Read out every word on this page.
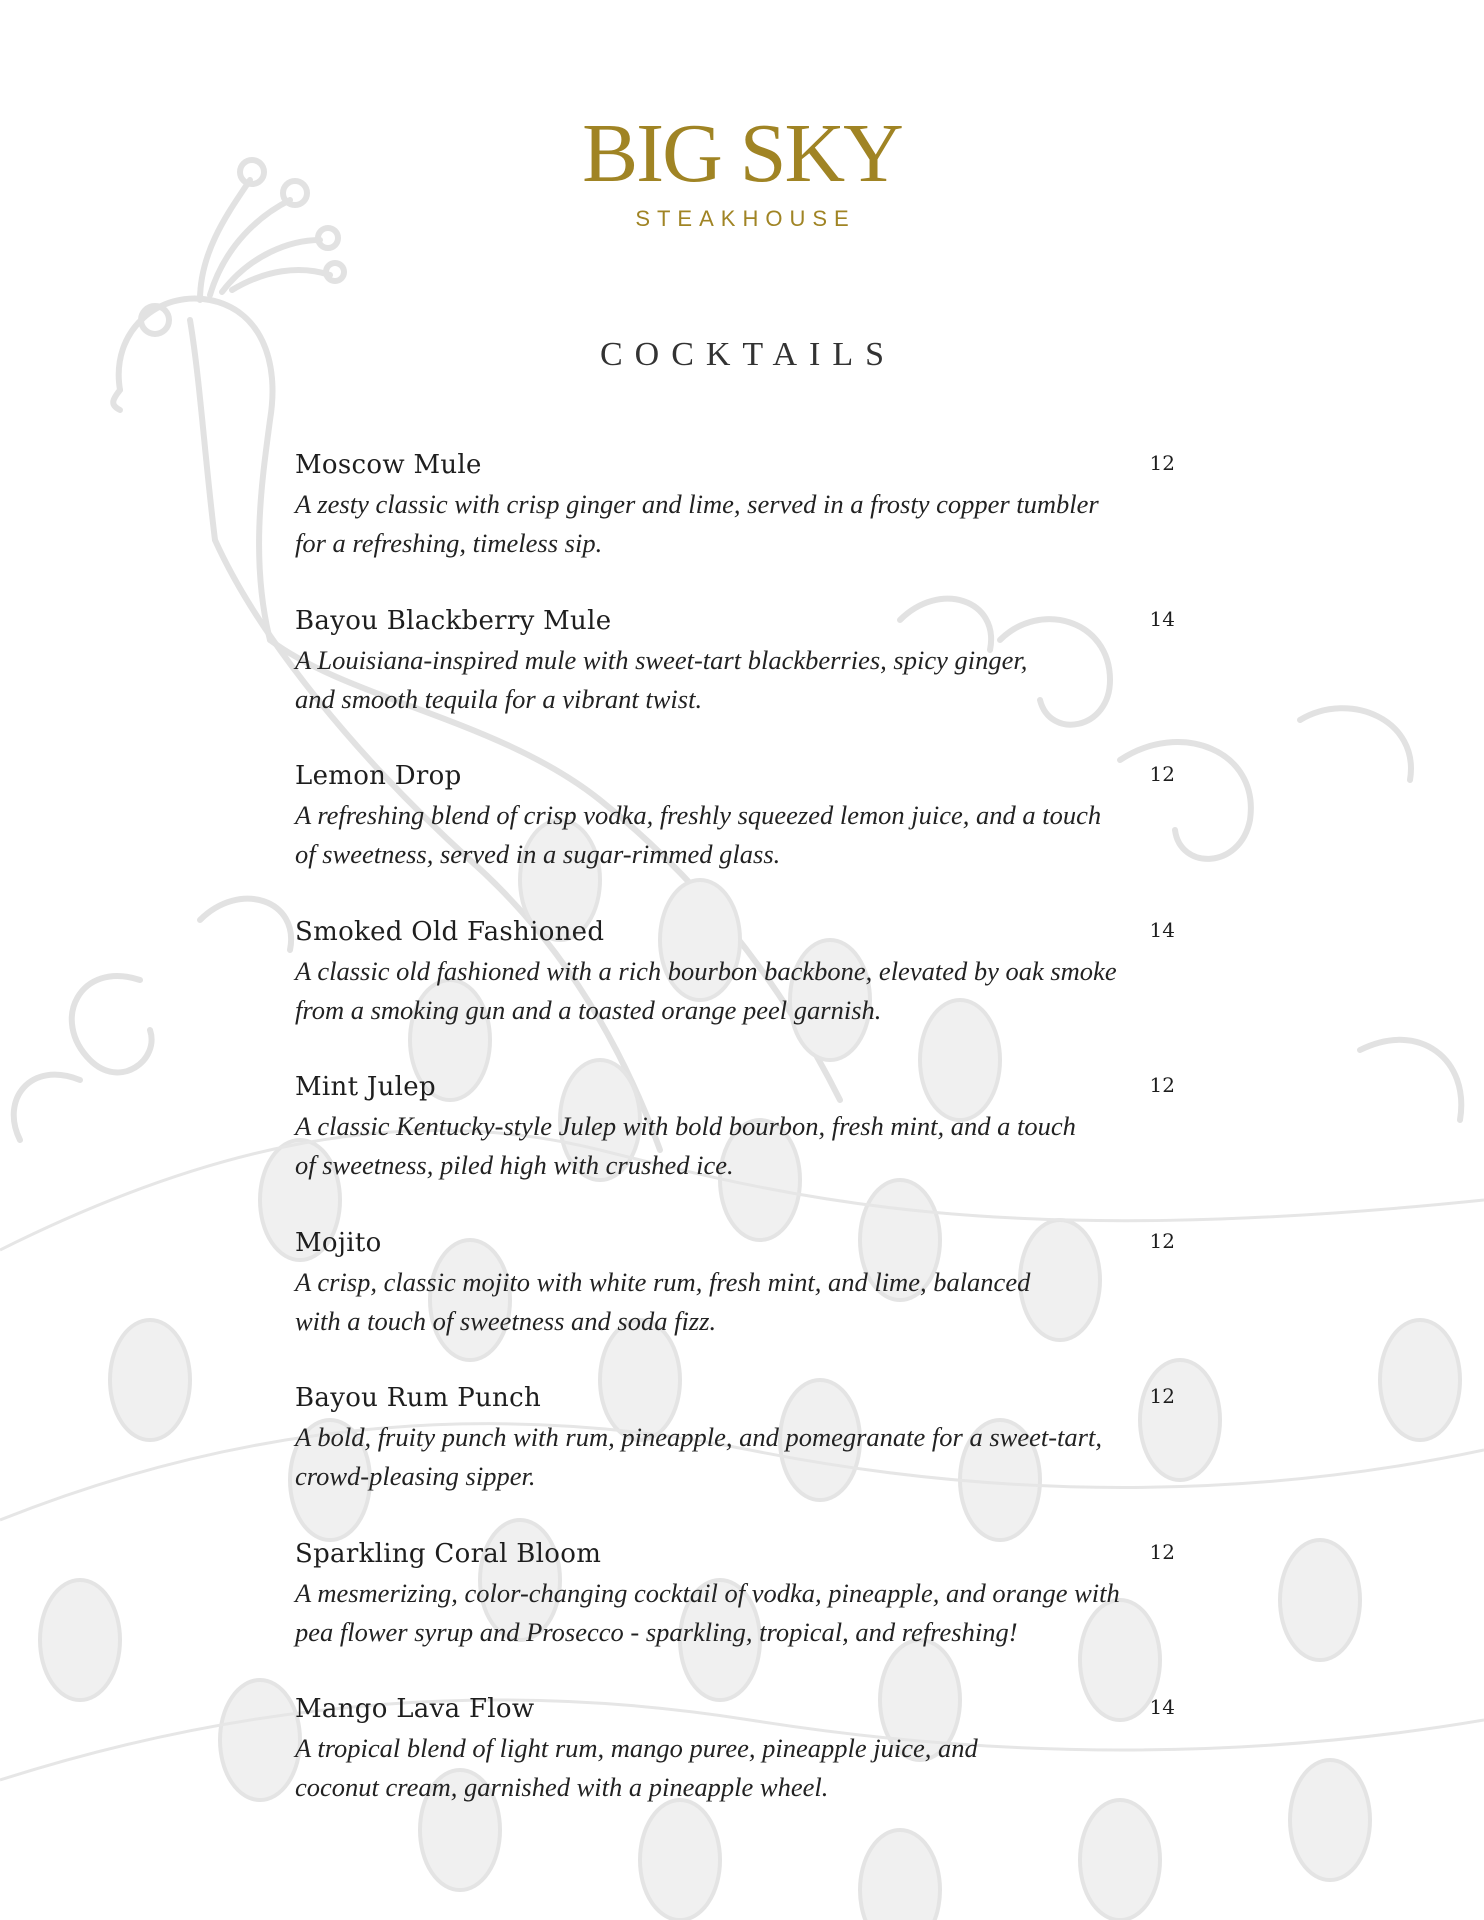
BIG SKY
STEAKHOUSE
COCKTAILS
Moscow Mule	12
A zesty classic with crisp ginger and lime, served in a frosty copper tumbler
for a refreshing, timeless sip.
Bayou Blackberry Mule	14
A Louisiana-inspired mule with sweet-tart blackberries, spicy ginger,
and smooth tequila for a vibrant twist.
Lemon Drop	12
A refreshing blend of crisp vodka, freshly squeezed lemon juice, and a touch
of sweetness, served in a sugar-rimmed glass.
Smoked Old Fashioned	14
A classic old fashioned with a rich bourbon backbone, elevated by oak smoke
from a smoking gun and a toasted orange peel garnish.
Mint Julep	12
A classic Kentucky-style Julep with bold bourbon, fresh mint, and a touch
of sweetness, piled high with crushed ice.
Mojito	12
A crisp, classic mojito with white rum, fresh mint, and lime, balanced
with a touch of sweetness and soda fizz.
Bayou Rum Punch	12
A bold, fruity punch with rum, pineapple, and pomegranate for a sweet-tart,
crowd-pleasing sipper.
Sparkling Coral Bloom	12
A mesmerizing, color-changing cocktail of vodka, pineapple, and orange with
pea flower syrup and Prosecco - sparkling, tropical, and refreshing!
Mango Lava Flow	14
A tropical blend of light rum, mango puree, pineapple juice, and
coconut cream, garnished with a pineapple wheel.
